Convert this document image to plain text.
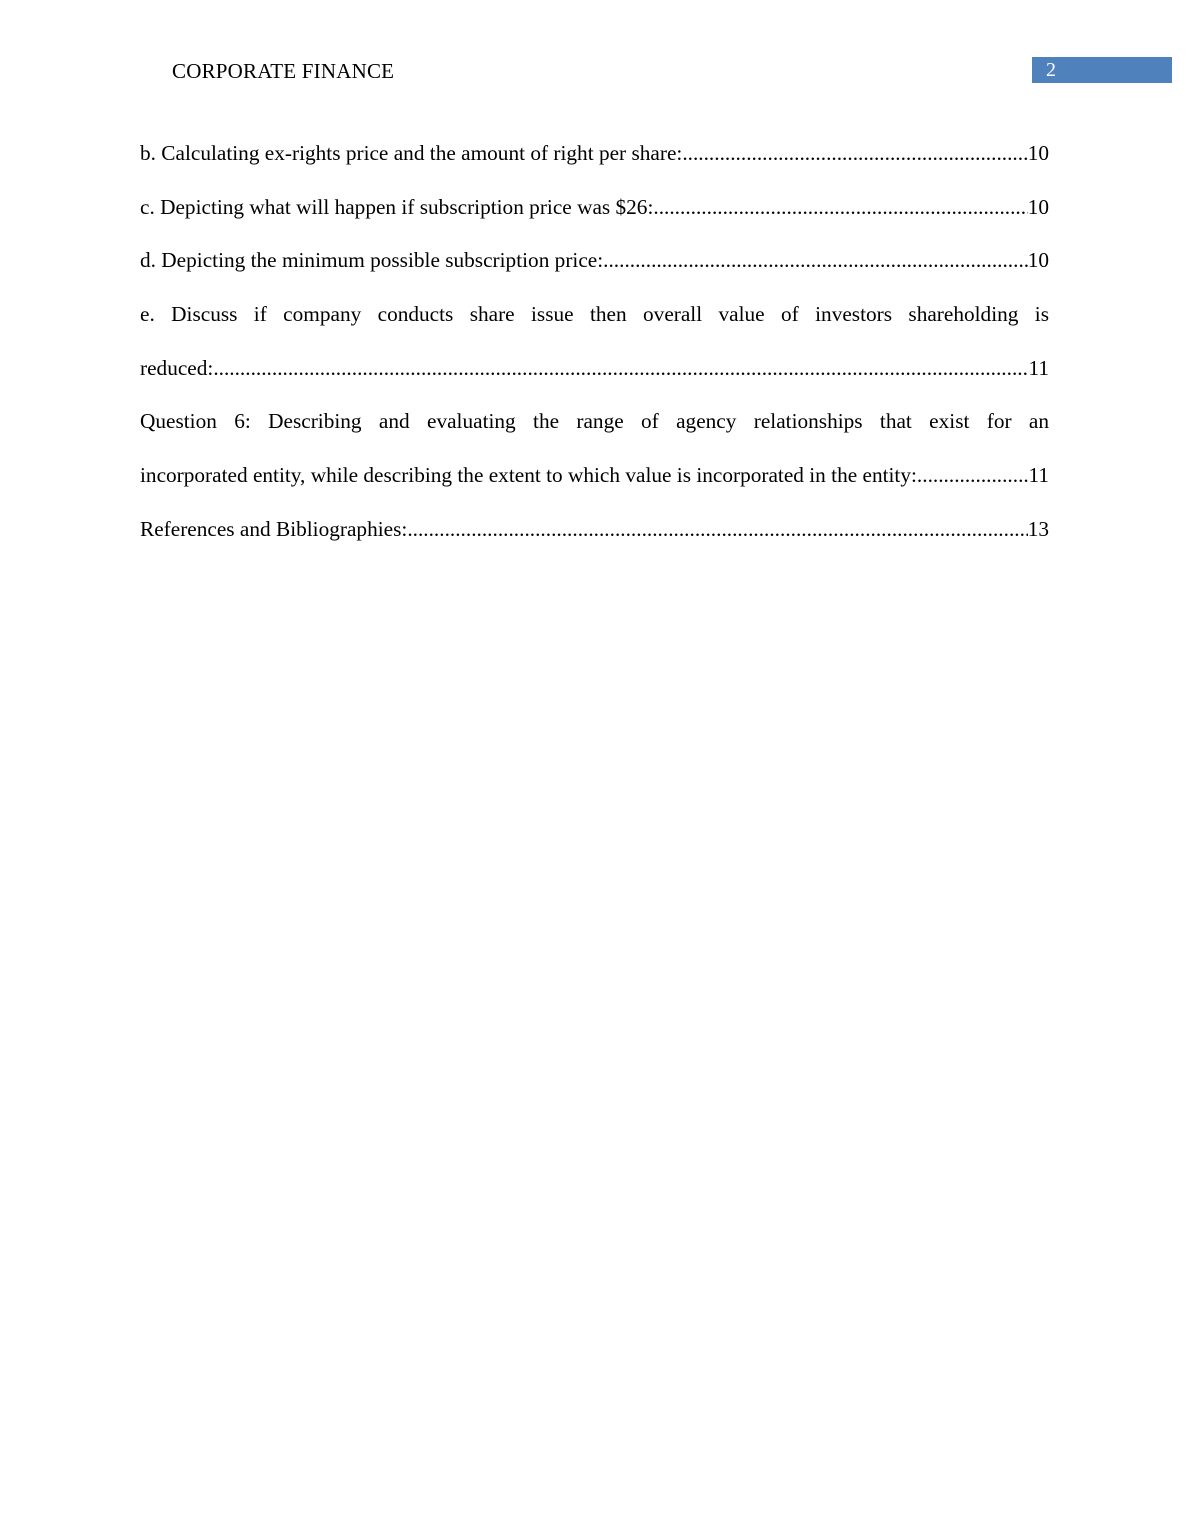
CORPORATE FINANCE	2
b. Calculating ex-rights price and the amount of right per share: .....	10
c. Depicting what will happen if subscription price was $26: .....	10
d. Depicting the minimum possible subscription price: .....	10
e. Discuss if company conducts share issue then overall value of investors shareholding is
reduced: .....	11
Question 6: Describing and evaluating the range of agency relationships that exist for an
incorporated entity, while describing the extent to which value is incorporated in the entity: .....	11
References and Bibliographies: .....	13
